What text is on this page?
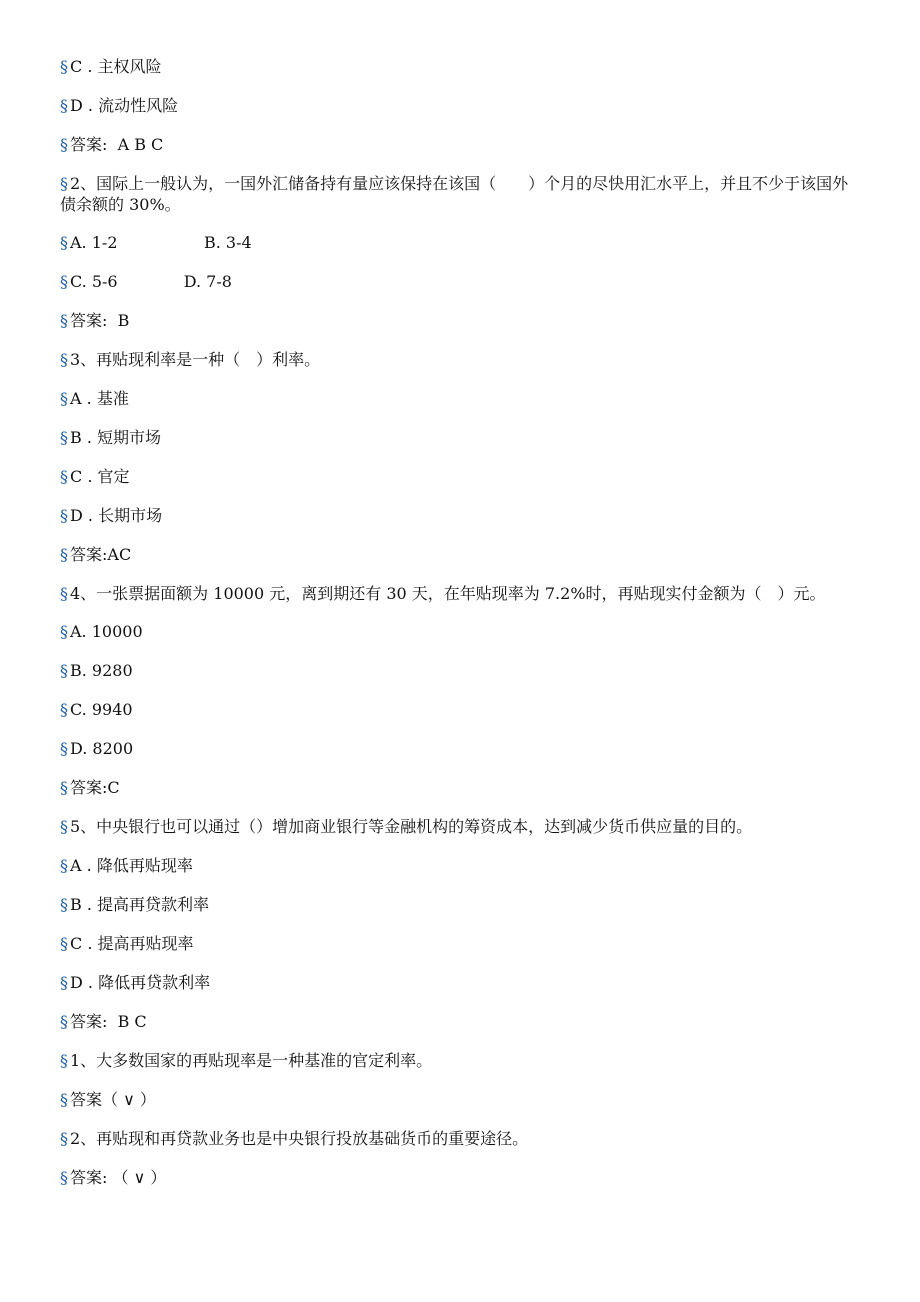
§ C . 主权风险
§ D . 流动性风险
§ 答案:  A B C
§ 2、国际上一般认为，一国外汇储备持有量应该保持在该国（　　）个月的尽快用汇水平上，并且不少于该国外债余额的 30%。
§ A. 1-2                 B. 3-4
§ C. 5-6             D. 7-8
§ 答案:  B
§ 3、再贴现利率是一种（　）利率。
§ A . 基准
§ B . 短期市场
§ C . 官定
§ D . 长期市场
§ 答案:AC
§ 4、一张票据面额为 10000 元，离到期还有 30 天，在年贴现率为 7.2%时，再贴现实付金额为（　）元。
§ A. 10000
§ B. 9280
§ C. 9940
§ D. 8200
§ 答案:C
§ 5、中央银行也可以通过（）增加商业银行等金融机构的筹资成本，达到减少货币供应量的目的。
§ A . 降低再贴现率
§ B . 提高再贷款利率
§ C . 提高再贴现率
§ D . 降低再贷款利率
§ 答案:  B C
§ 1、大多数国家的再贴现率是一种基准的官定利率。
§ 答案（ ∨ ）
§ 2、再贴现和再贷款业务也是中央银行投放基础货币的重要途径。
§ 答案: （ ∨ ）
